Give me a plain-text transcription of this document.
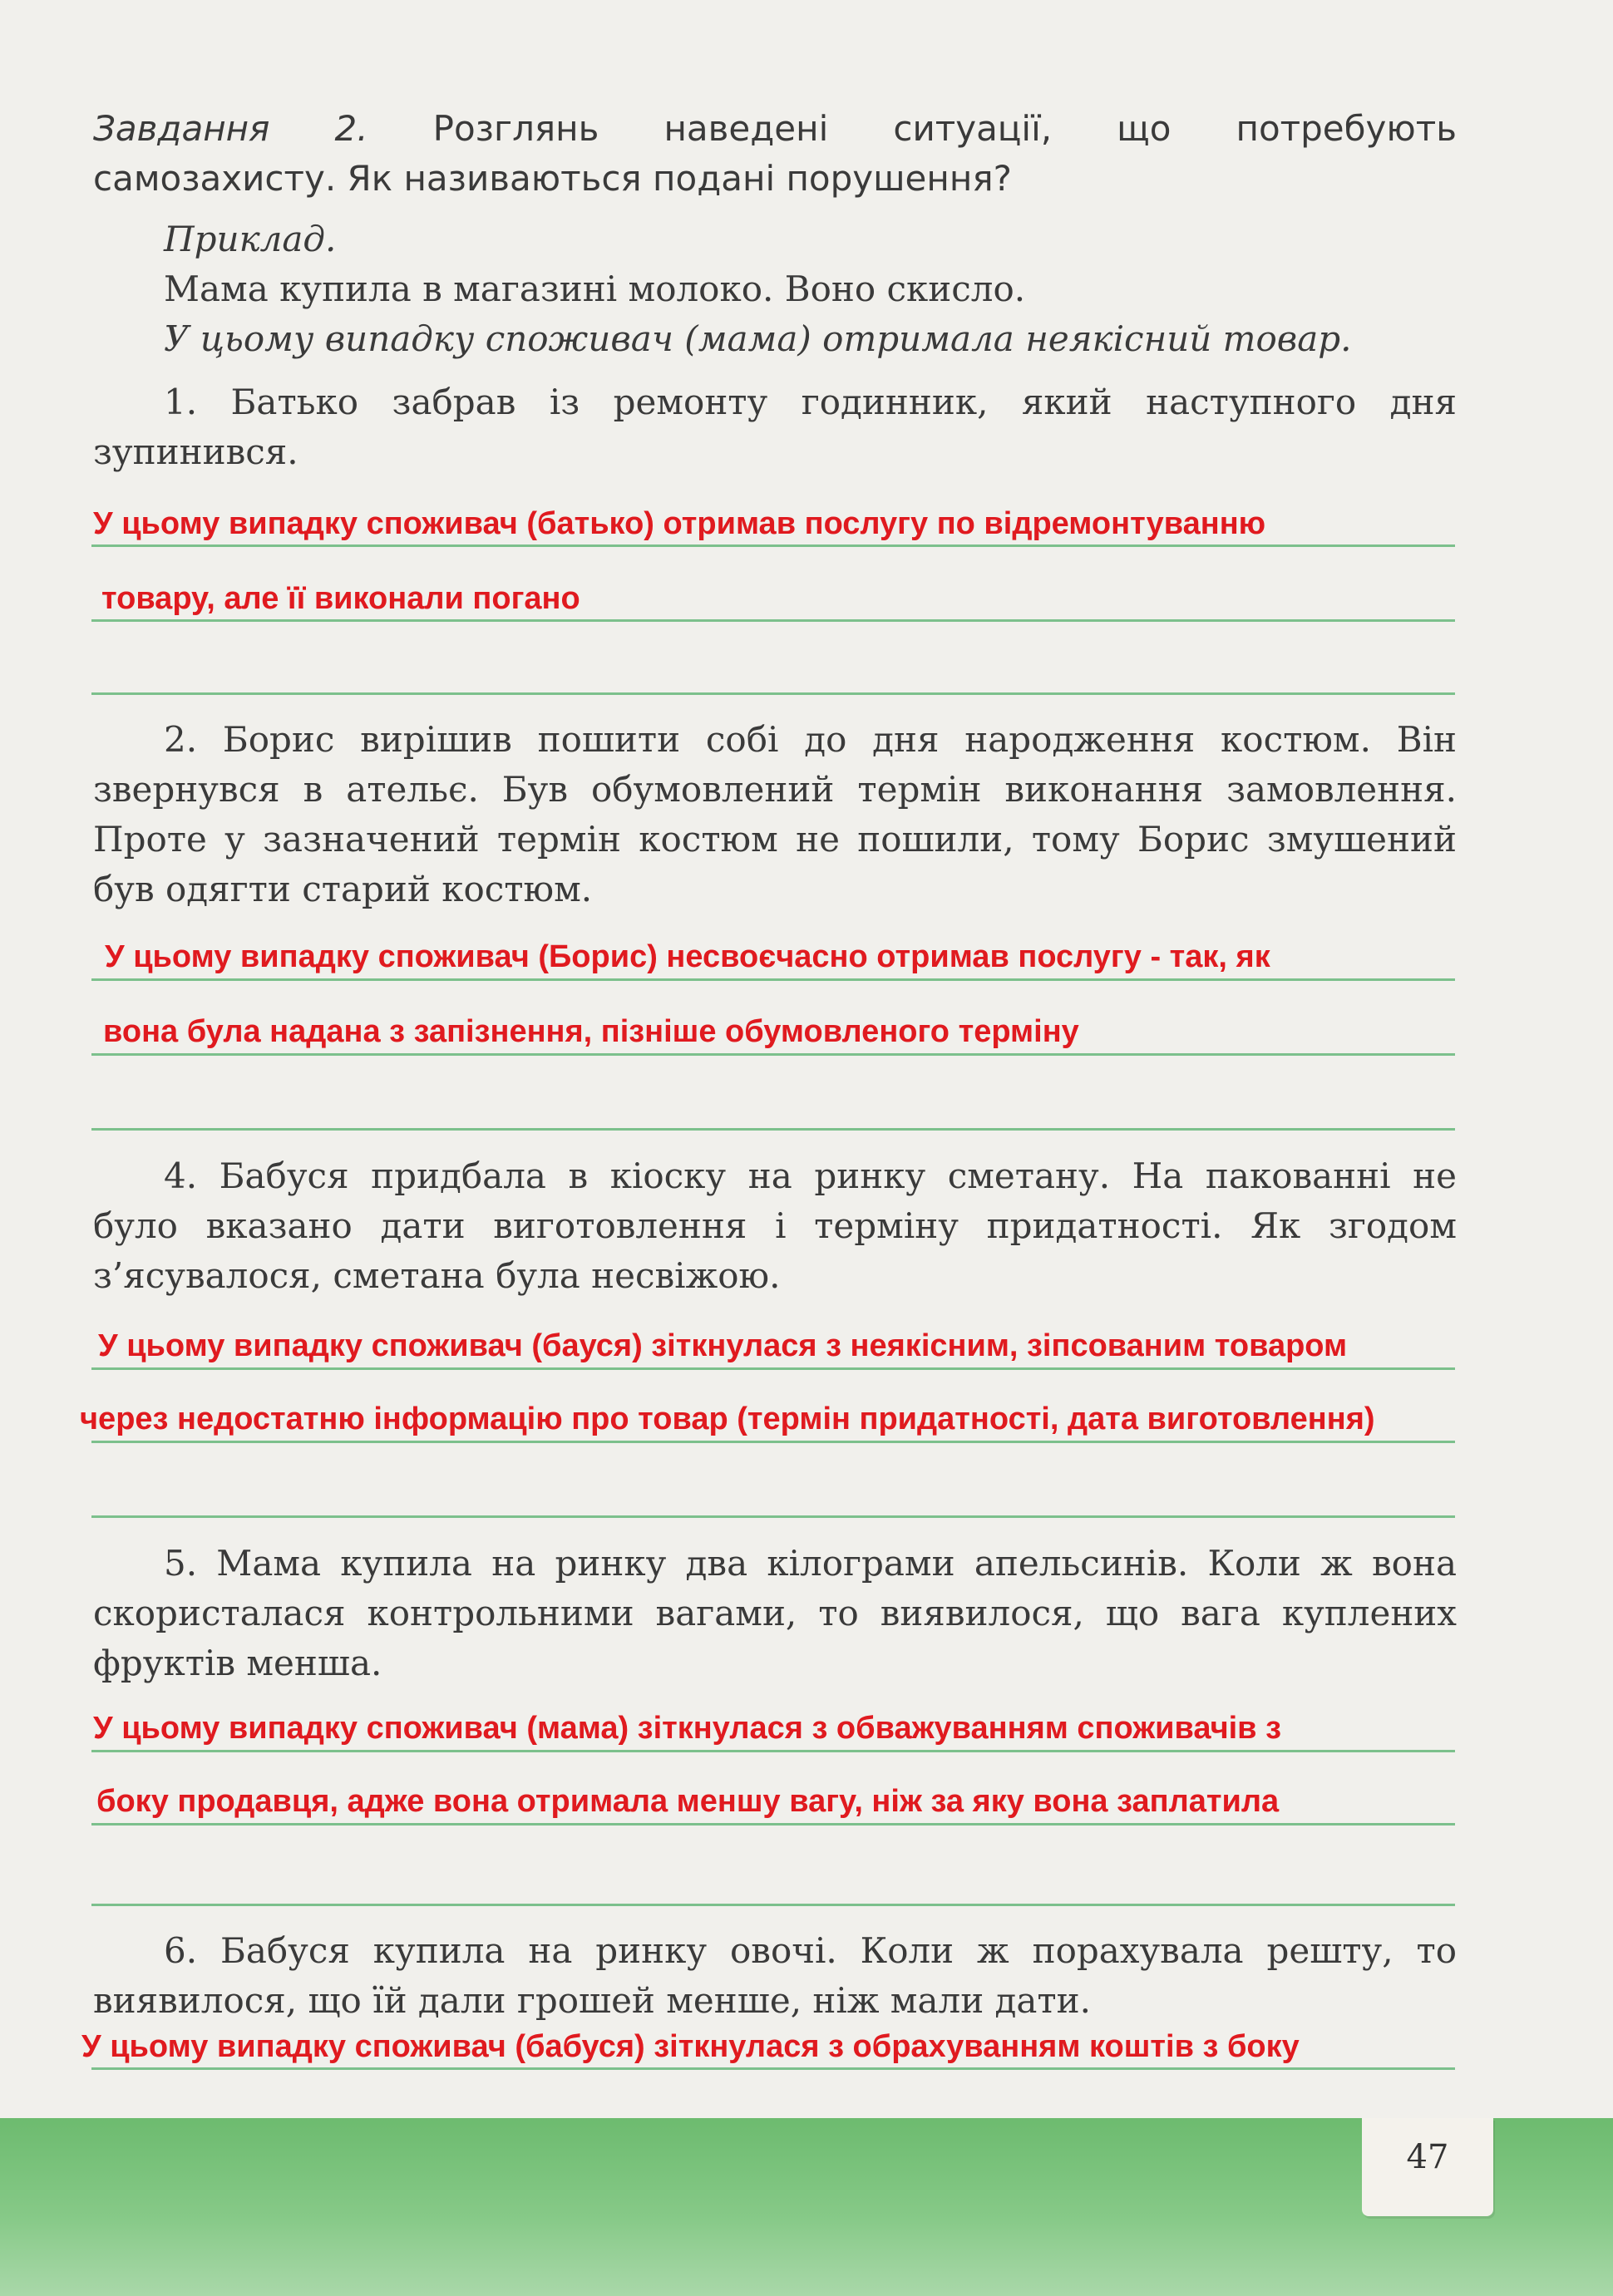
Завдання 2. Розглянь наведені ситуації, що потребують

самозахисту. Як називаються подані порушення?

Приклад.

Мама купила в магазині молоко. Воно скисло.

У цьому випадку споживач (мама) отримала неякісний товар.

1. Батько забрав із ремонту годинник, який наступного дня
зупинився.

У цьому випадку споживач (батько) отримав послугу по відремонтуванню
товару, але її виконали погано

2. Борис вирішив пошити собі до дня народження костюм. Він
звернувся в ательє. Був обумовлений термін виконання замовлення.
Проте у зазначений термін костюм не пошили, тому Борис змушений
був одягти старий костюм.

У цьому випадку споживач (Борис) несвоєчасно отримав послугу - так, як
вона була надана з запізнення, пізніше обумовленого терміну

4. Бабуся придбала в кіоску на ринку сметану. На пакованні не
було вказано дати виготовлення і терміну придатності. Як згодом
з’ясувалося, сметана була несвіжою.

У цьому випадку споживач (бауся) зіткнулася з неякісним, зіпсованим товаром
через недостатню інформацію про товар (термін придатності, дата виготовлення)

5. Мама купила на ринку два кілограми апельсинів. Коли ж вона
скористалася контрольними вагами, то виявилося, що вага куплених
фруктів менша.

У цьому випадку споживач (мама) зіткнулася з обважуванням споживачів з
боку продавця, адже вона отримала меншу вагу, ніж за яку вона заплатила

6. Бабуся купила на ринку овочі. Коли ж порахувала решту, то
виявилося, що їй дали грошей менше, ніж мали дати.

У цьому випадку споживач (бабуся) зіткнулася з обрахуванням коштів з боку
47
